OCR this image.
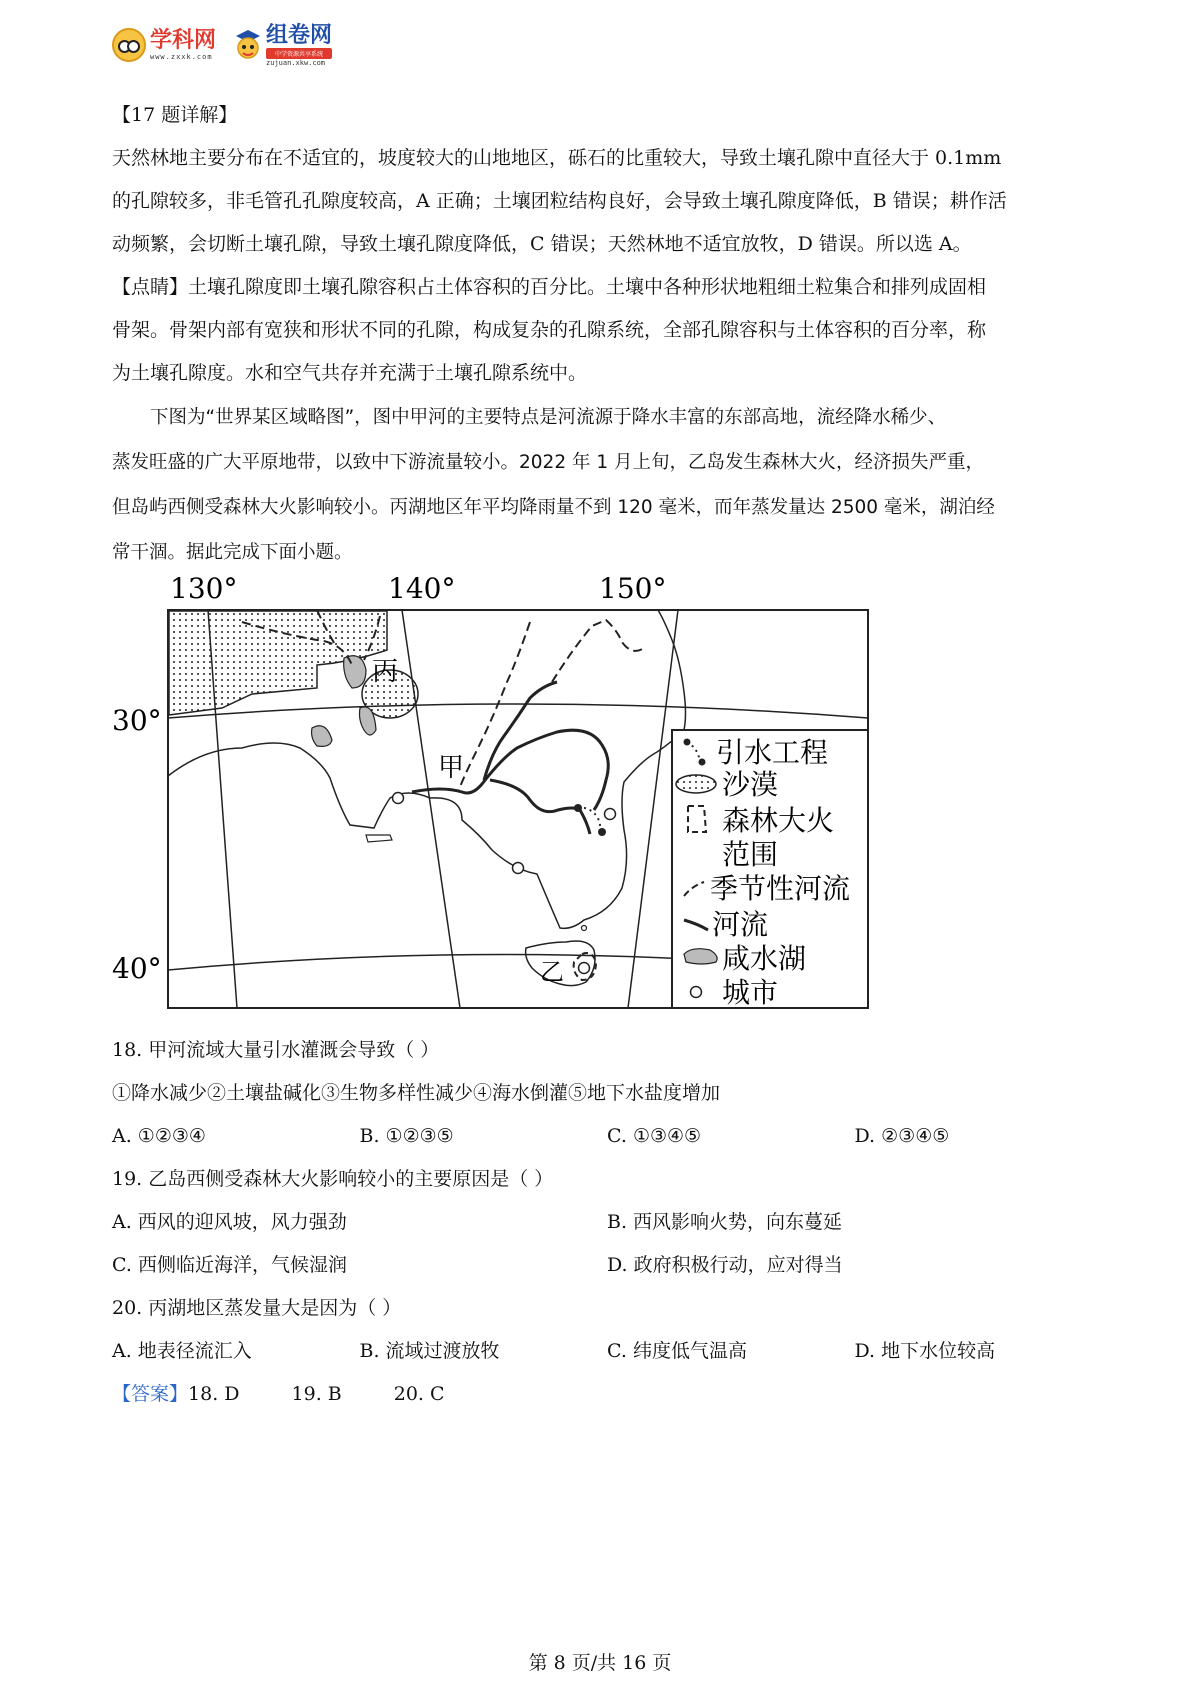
学科网
www.zxxk.com
组卷网
中学资源共享系统
zujuan.xkw.com

【17 题详解】

天然林地主要分布在不适宜的，坡度较大的山地地区，砾石的比重较大，导致土壤孔隙中直径大于 0.1mm

的孔隙较多，非毛管孔孔隙度较高，A 正确；土壤团粒结构良好，会导致土壤孔隙度降低，B 错误；耕作活

动频繁，会切断土壤孔隙，导致土壤孔隙度降低，C 错误；天然林地不适宜放牧，D 错误。所以选 A。

【点睛】土壤孔隙度即土壤孔隙容积占土体容积的百分比。土壤中各种形状地粗细土粒集合和排列成固相

骨架。骨架内部有宽狭和形状不同的孔隙，构成复杂的孔隙系统，全部孔隙容积与土体容积的百分率，称

为土壤孔隙度。水和空气共存并充满于土壤孔隙系统中。

下图为“世界某区域略图”，图中甲河的主要特点是河流源于降水丰富的东部高地，流经降水稀少、

蒸发旺盛的广大平原地带，以致中下游流量较小。2022 年 1 月上旬，乙岛发生森林大火，经济损失严重，

但岛屿西侧受森林大火影响较小。丙湖地区年平均降雨量不到 120 毫米，而年蒸发量达 2500 毫米，湖泊经

常干涸。据此完成下面小题。

130°	140°	150°
30°
40°
丙
甲
乙
引水工程
沙漠
森林大火
范围
季节性河流
河流
咸水湖
城市
18. 甲河流域大量引水灌溉会导致（ ）
①降水减少②土壤盐碱化③生物多样性减少④海水倒灌⑤地下水盐度增加
A. ①②③④	B. ①②③⑤	C. ①③④⑤	D. ②③④⑤
19. 乙岛西侧受森林大火影响较小的主要原因是（ ）
A. 西风的迎风坡，风力强劲	B. 西风影响火势，向东蔓延
C. 西侧临近海洋，气候湿润	D. 政府积极行动，应对得当
20. 丙湖地区蒸发量大是因为（ ）
A. 地表径流汇入	B. 流域过渡放牧	C. 纬度低气温高	D. 地下水位较高
【答案】18. D	19. B	20. C
第 8 页/共 16 页
